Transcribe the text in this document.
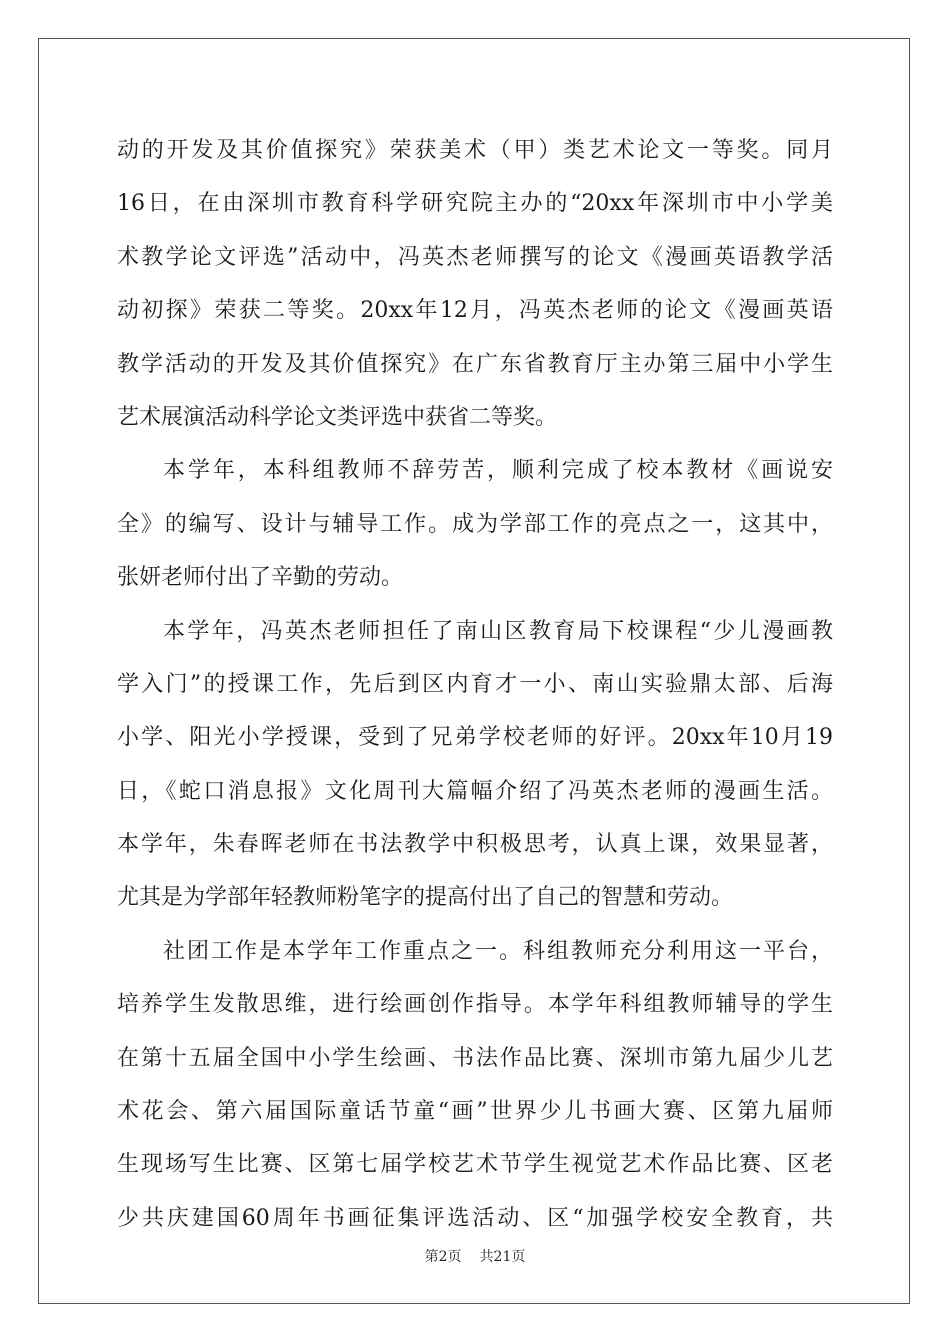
动的开发及其价值探究》荣获美术（甲）类艺术论文一等奖。同月
16日，在由深圳市教育科学研究院主办的“20xx年深圳市中小学美
术教学论文评选”活动中，冯英杰老师撰写的论文《漫画英语教学活
动初探》荣获二等奖。20xx年12月，冯英杰老师的论文《漫画英语
教学活动的开发及其价值探究》在广东省教育厅主办第三届中小学生
艺术展演活动科学论文类评选中获省二等奖。
本学年，本科组教师不辞劳苦，顺利完成了校本教材《画说安
全》的编写、设计与辅导工作。成为学部工作的亮点之一，这其中，
张妍老师付出了辛勤的劳动。
本学年，冯英杰老师担任了南山区教育局下校课程“少儿漫画教
学入门”的授课工作，先后到区内育才一小、南山实验鼎太部、后海
小学、阳光小学授课，受到了兄弟学校老师的好评。20xx年10月19
日，《蛇口消息报》文化周刊大篇幅介绍了冯英杰老师的漫画生活。
本学年，朱春晖老师在书法教学中积极思考，认真上课，效果显著，
尤其是为学部年轻教师粉笔字的提高付出了自己的智慧和劳动。
社团工作是本学年工作重点之一。科组教师充分利用这一平台，
培养学生发散思维，进行绘画创作指导。本学年科组教师辅导的学生
在第十五届全国中小学生绘画、书法作品比赛、深圳市第九届少儿艺
术花会、第六届国际童话节童“画”世界少儿书画大赛、区第九届师
生现场写生比赛、区第七届学校艺术节学生视觉艺术作品比赛、区老
少共庆建国60周年书画征集评选活动、区“加强学校安全教育，共
第2页 共21页
